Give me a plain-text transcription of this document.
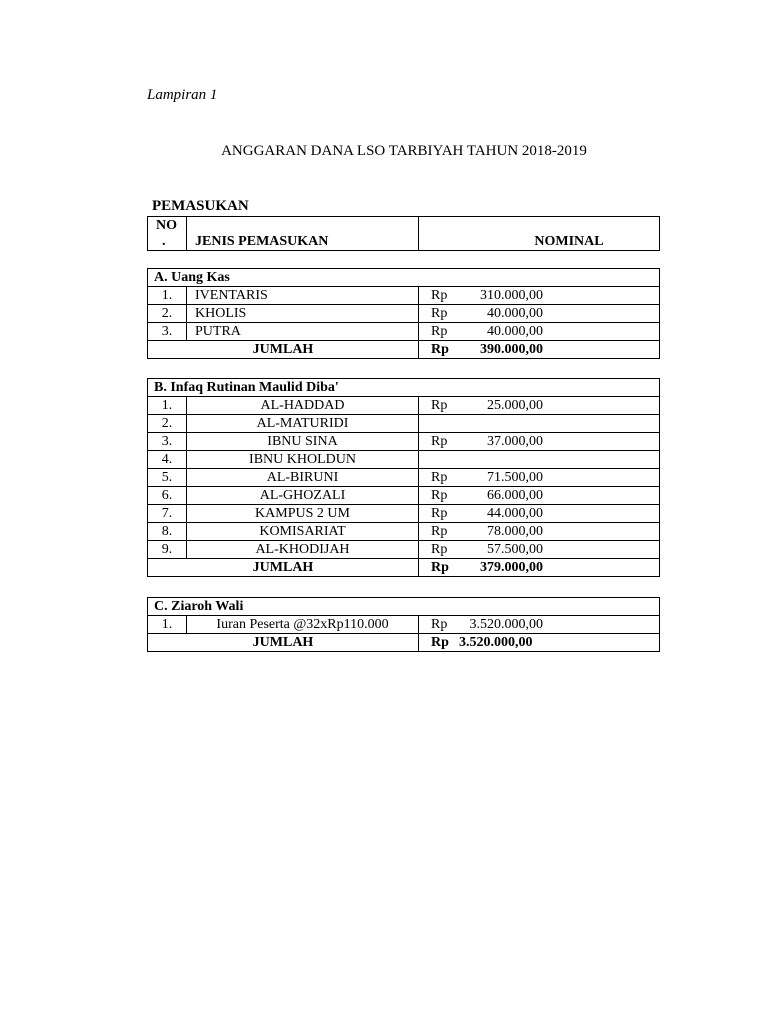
Lampiran 1
ANGGARAN DANA LSO TARBIYAH TAHUN 2018-2019
PEMASUKAN
NO
.	JENIS PEMASUKAN	NOMINAL
A. Uang Kas		
1.	IVENTARIS	Rp 310.000,00
2.	KHOLIS	Rp 40.000,00
3.	PUTRA	Rp 40.000,00
JUMLAH		Rp 390.000,00
B. Infaq Rutinan Maulid Diba'		
1.	AL-HADDAD	Rp 25.000,00
2.	AL-MATURIDI	
3.	IBNU SINA	Rp 37.000,00
4.	IBNU KHOLDUN	
5.	AL-BIRUNI	Rp 71.500,00
6.	AL-GHOZALI	Rp 66.000,00
7.	KAMPUS 2 UM	Rp 44.000,00
8.	KOMISARIAT	Rp 78.000,00
9.	AL-KHODIJAH	Rp 57.500,00
JUMLAH		Rp 379.000,00
C. Ziaroh Wali		
1.	Iuran Peserta @32xRp110.000	Rp 3.520.000,00
JUMLAH		Rp 3.520.000,00
